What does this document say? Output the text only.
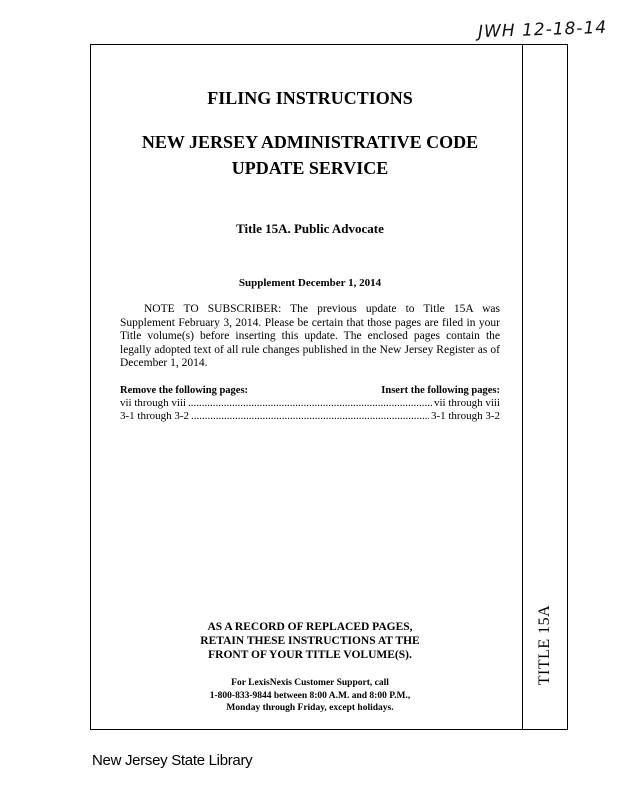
JWH 12-18-14
TITLE 15A

FILING INSTRUCTIONS

NEW JERSEY ADMINISTRATIVE CODE
UPDATE SERVICE

Title 15A. Public Advocate

Supplement December 1, 2014

NOTE TO SUBSCRIBER: The previous update to Title 15A was Supplement February 3, 2014. Please be certain that those pages are filed in your Title volume(s) before inserting this update. The enclosed pages contain the legally adopted text of all rule changes published in the New Jersey Register as of December 1, 2014.

Remove the following pages:	Insert the following pages:
vii through viii .....	vii through viii
3-1 through 3-2 .....	3-1 through 3-2
AS A RECORD OF REPLACED PAGES,
RETAIN THESE INSTRUCTIONS AT THE
FRONT OF YOUR TITLE VOLUME(S).
For LexisNexis Customer Support, call
1-800-833-9844 between 8:00 A.M. and 8:00 P.M.,
Monday through Friday, except holidays.
New Jersey State Library
